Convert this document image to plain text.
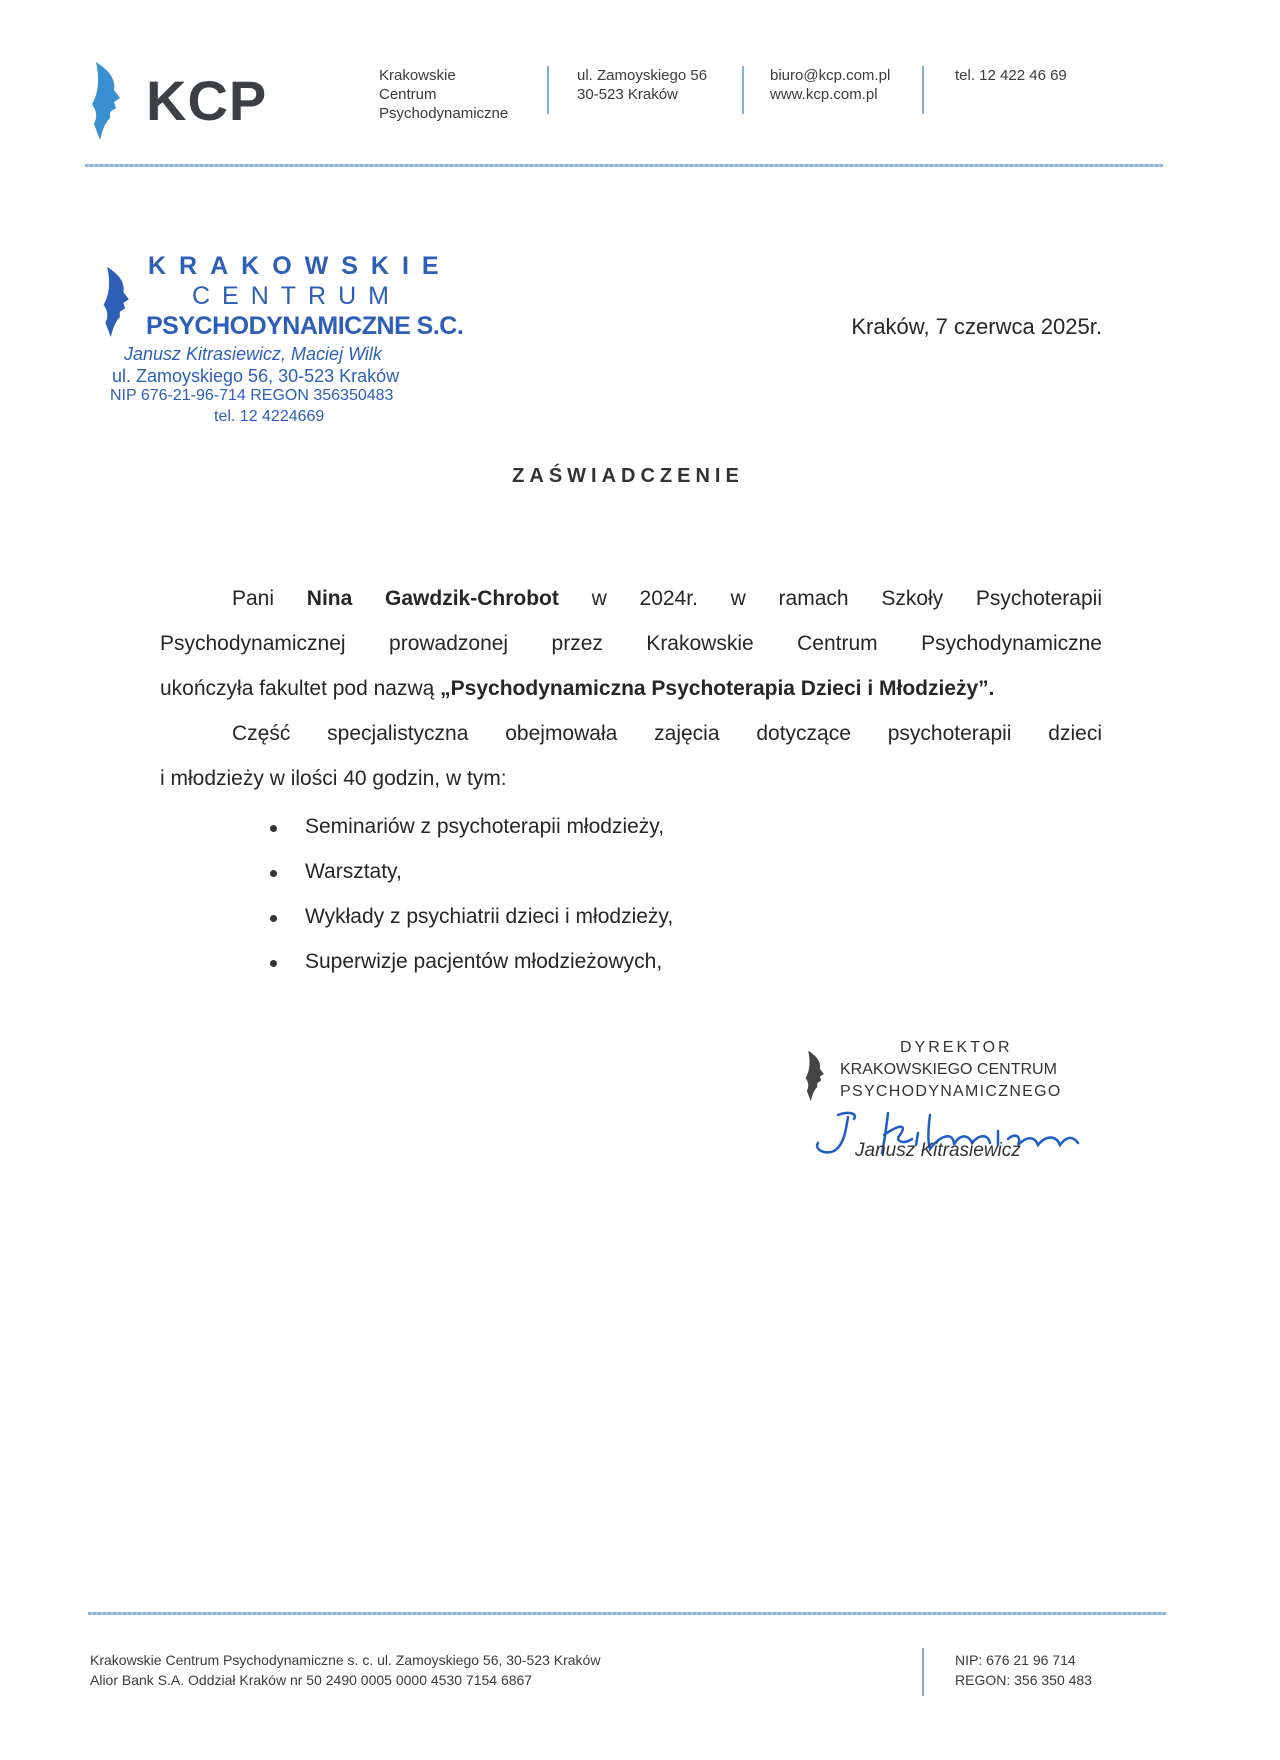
KCP	Krakowskie
Centrum
Psychodynamiczne
ul. Zamoyskiego 56
30-523 Kraków
biuro@kcp.com.pl
www.kcp.com.pl
tel. 12 422 46 69
KRAKOWSKIE
CENTRUM
PSYCHODYNAMICZNE S.C.
Janusz Kitrasiewicz, Maciej Wilk
ul. Zamoyskiego 56, 30-523 Kraków
NIP 676-21-96-714 REGON 356350483
tel. 12 4224669
Kraków, 7 czerwca 2025r.
ZAŚWIADCZENIE
Pani Nina Gawdzik-Chrobot w 2024r. w ramach Szkoły Psychoterapii
Psychodynamicznej prowadzonej przez Krakowskie Centrum Psychodynamiczne
ukończyła fakultet pod nazwą „Psychodynamiczna Psychoterapia Dzieci i Młodzieży”.
Część specjalistyczna obejmowała zajęcia dotyczące psychoterapii dzieci
i młodzieży w ilości 40 godzin, w tym:
Seminariów z psychoterapii młodzieży,
Warsztaty,
Wykłady z psychiatrii dzieci i młodzieży,
Superwizje pacjentów młodzieżowych,
DYREKTOR
KRAKOWSKIEGO CENTRUM
PSYCHODYNAMICZNEGO
Janusz Kitrasiewicz
Krakowskie Centrum Psychodynamiczne s. c. ul. Zamoyskiego 56, 30-523 Kraków
Alior Bank S.A. Oddział Kraków nr 50 2490 0005 0000 4530 7154 6867
NIP: 676 21 96 714
REGON: 356 350 483
